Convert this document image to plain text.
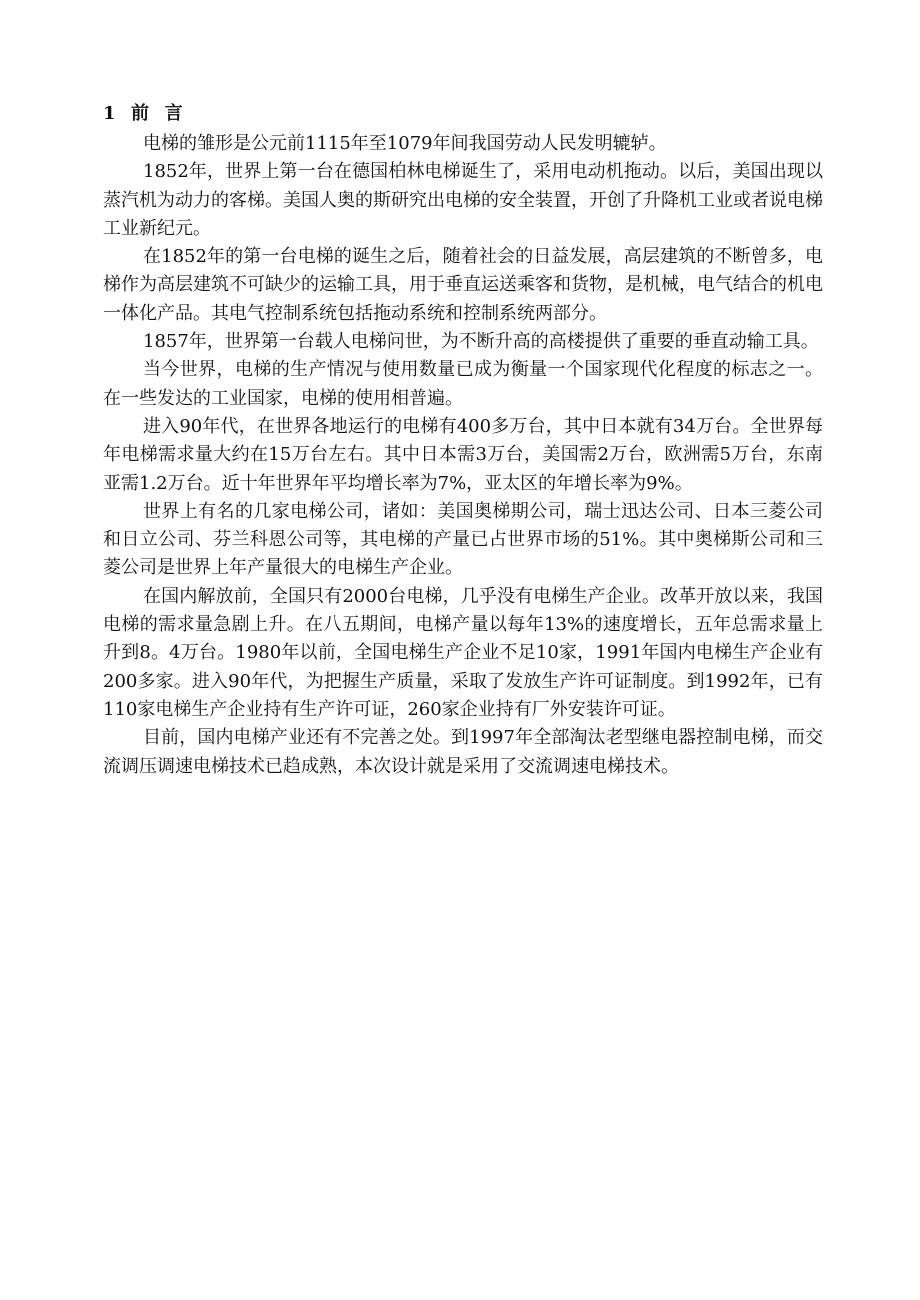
1  前  言

电梯的雏形是公元前1115年至1079年间我国劳动人民发明辘轳。

1852年，世界上第一台在德国柏林电梯诞生了，采用电动机拖动。以后，美国出现以蒸汽机为动力的客梯。美国人奥的斯研究出电梯的安全装置，开创了升降机工业或者说电梯工业新纪元。

在1852年的第一台电梯的诞生之后，随着社会的日益发展，高层建筑的不断曾多，电梯作为高层建筑不可缺少的运输工具，用于垂直运送乘客和货物，是机械，电气结合的机电一体化产品。其电气控制系统包括拖动系统和控制系统两部分。

1857年，世界第一台载人电梯问世，为不断升高的高楼提供了重要的垂直动输工具。

当今世界，电梯的生产情况与使用数量已成为衡量一个国家现代化程度的标志之一。在一些发达的工业国家，电梯的使用相普遍。

进入90年代，在世界各地运行的电梯有400多万台，其中日本就有34万台。全世界每年电梯需求量大约在15万台左右。其中日本需3万台，美国需2万台，欧洲需5万台，东南亚需1.2万台。近十年世界年平均增长率为7%，亚太区的年增长率为9%。

世界上有名的几家电梯公司，诸如：美国奥梯期公司，瑞士迅达公司、日本三菱公司和日立公司、芬兰科恩公司等，其电梯的产量已占世界市场的51%。其中奥梯斯公司和三菱公司是世界上年产量很大的电梯生产企业。

在国内解放前，全国只有2000台电梯，几乎没有电梯生产企业。改革开放以来，我国电梯的需求量急剧上升。在八五期间，电梯产量以每年13%的速度增长，五年总需求量上升到8。4万台。1980年以前，全国电梯生产企业不足10家，1991年国内电梯生产企业有200多家。进入90年代，为把握生产质量，采取了发放生产许可证制度。到1992年，已有110家电梯生产企业持有生产许可证，260家企业持有厂外安装许可证。

目前，国内电梯产业还有不完善之处。到1997年全部淘汰老型继电器控制电梯，而交流调压调速电梯技术已趋成熟，本次设计就是采用了交流调速电梯技术。
